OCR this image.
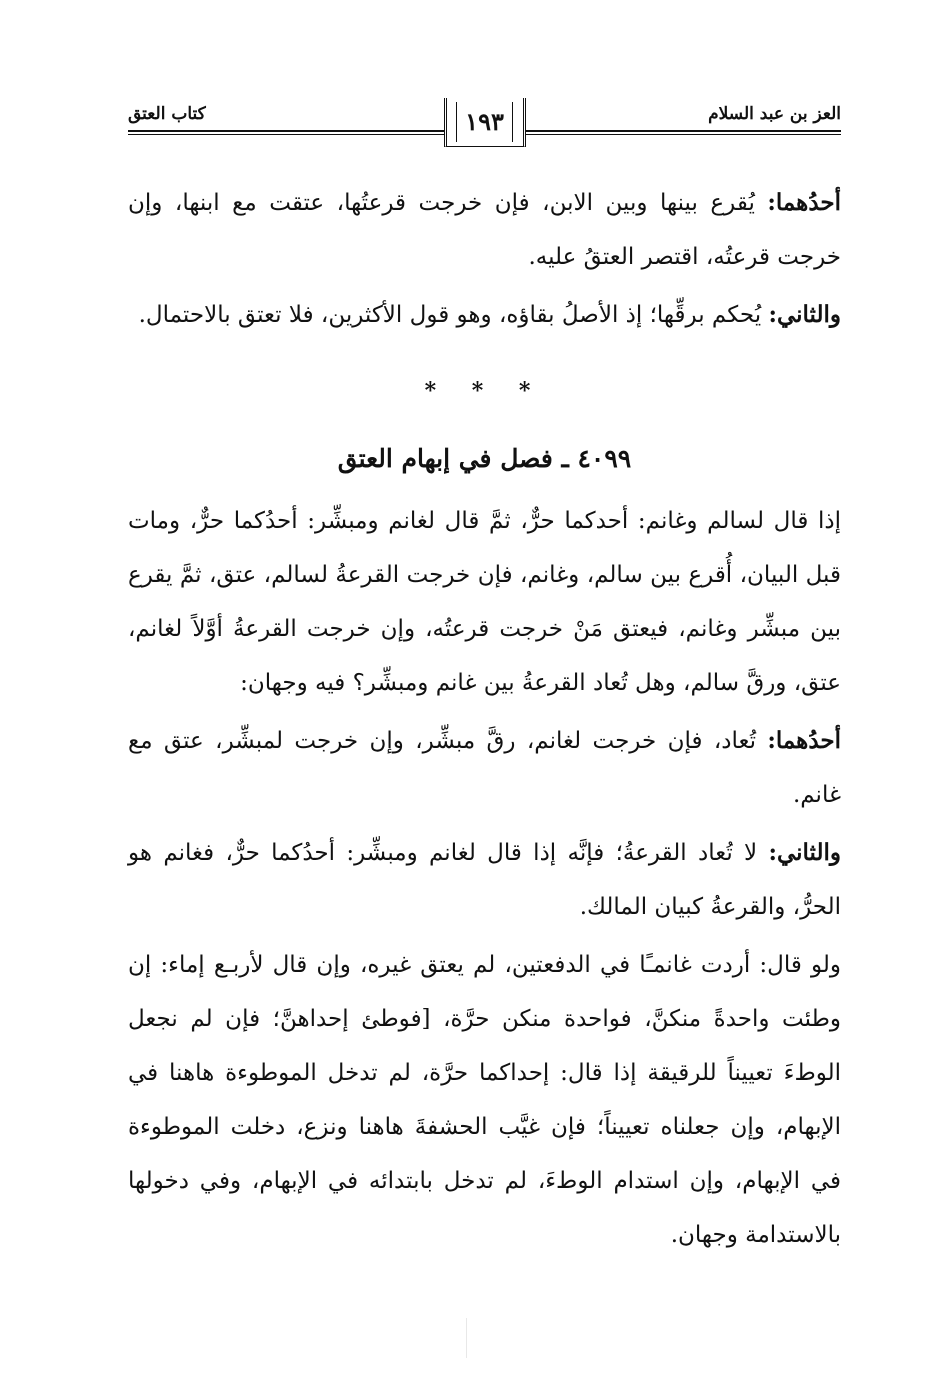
العز بن عبد السلام
كتاب العتق	١٩٣

أحدُهما: يُقرع بينها وبين الابن، فإن خرجت قرعتُها، عتقت مع ابنها، وإن خرجت قرعتُه، اقتصر العتقُ عليه.

والثاني: يُحكم برقِّها؛ إذ الأصلُ بقاؤه، وهو قول الأكثرين، فلا تعتق بالاحتمال.

* * *
٤٠٩٩ ـ فصل في إبهام العتق

إذا قال لسالم وغانم: أحدكما حرٌّ، ثمَّ قال لغانم ومبشِّر: أحدُكما حرٌّ، ومات قبل البيان، أُقرع بين سالم، وغانم، فإن خرجت القرعةُ لسالم، عتق، ثمَّ يقرع بين مبشِّر وغانم، فيعتق مَنْ خرجت قرعتُه، وإن خرجت القرعةُ أوَّلاً لغانم، عتق، ورقَّ سالم، وهل تُعاد القرعةُ بين غانم ومبشِّر؟ فيه وجهان:

أحدُهما: تُعاد، فإن خرجت لغانم، رقَّ مبشِّر، وإن خرجت لمبشِّر، عتق مع غانم.

والثاني: لا تُعاد القرعةُ؛ فإنَّه إذا قال لغانم ومبشِّر: أحدُكما حرٌّ، فغانم هو الحرُّ، والقرعةُ كبيان المالك.

ولو قال: أردت غانمـًا في الدفعتين، لم يعتق غيره، وإن قال لأربـع إماء: إن وطئت واحدةً منكنَّ، فواحدة منكن حرَّة، [فوطئ إحداهنَّ؛ فإن لم نجعل الوطءَ تعييناً للرقيقة إذا قال: إحداكما حرَّة، لم تدخل الموطوءة هاهنا في الإبهام، وإن جعلناه تعييناً؛ فإن غيَّب الحشفةَ هاهنا ونزع، دخلت الموطوءة في الإبهام، وإن استدام الوطءَ، لم تدخل بابتدائه في الإبهام، وفي دخولها بالاستدامة وجهان.
